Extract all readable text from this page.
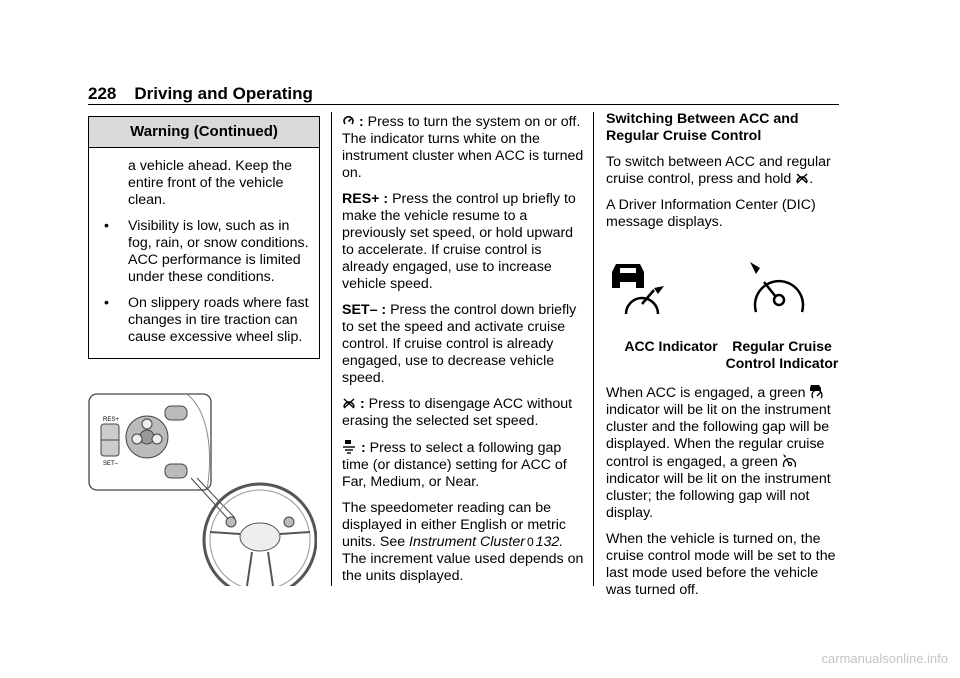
228 Driving and Operating
Warning (Continued)

a vehicle ahead. Keep the entire front of the vehicle clean.

• Visibility is low, such as in fog, rain, or snow conditions. ACC performance is limited under these conditions.

• On slippery roads where fast changes in tire traction can cause excessive wheel slip.

RES+
SET–

: Press to turn the system on or off. The indicator turns white on the instrument cluster when ACC is turned on.

RES+ : Press the control up briefly to make the vehicle resume to a previously set speed, or hold upward to accelerate. If cruise control is already engaged, use to increase vehicle speed.

SET– : Press the control down briefly to set the speed and activate cruise control. If cruise control is already engaged, use to decrease vehicle speed.

: Press to disengage ACC without erasing the selected set speed.

: Press to select a following gap time (or distance) setting for ACC of Far, Medium, or Near.

The speedometer reading can be displayed in either English or metric units. See Instrument Cluster 0 132. The increment value used depends on the units displayed.

Switching Between ACC and Regular Cruise Control

To switch between ACC and regular cruise control, press and hold .

A Driver Information Center (DIC) message displays.

ACC Indicator	Regular Cruise
Control Indicator

When ACC is engaged, a green  indicator will be lit on the instrument cluster and the following gap will be displayed. When the regular cruise control is engaged, a green  indicator will be lit on the instrument cluster; the following gap will not display.

When the vehicle is turned on, the cruise control mode will be set to the last mode used before the vehicle was turned off.

carmanualsonline.info
